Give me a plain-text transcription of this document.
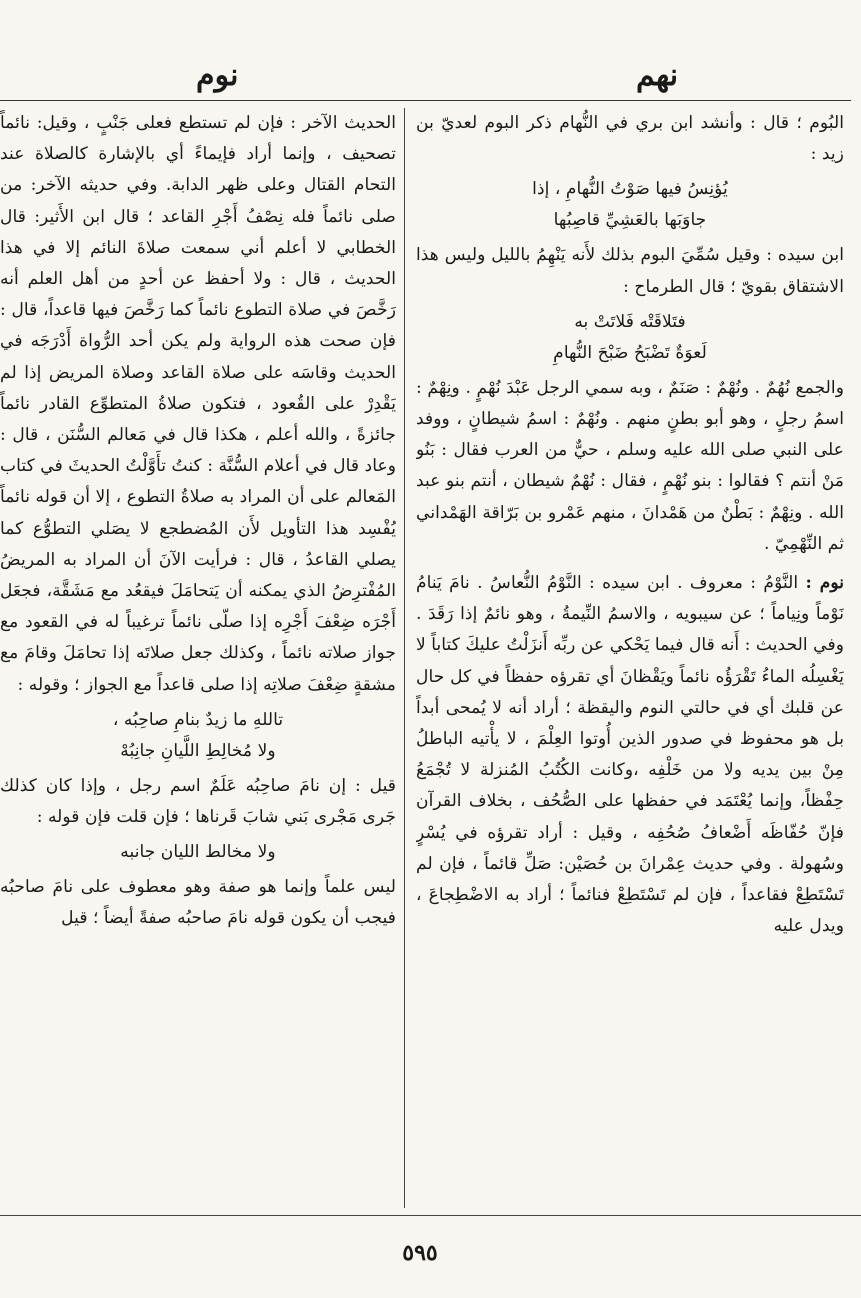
نهم
نوم

البُوم ؛ قال : وأنشد ابن بري في النُّهام ذكر البوم لعديّ بن زيد :

يُؤنِسُ فيها صَوْتُ النُّهامِ ، إذا
جاوَبَها بالعَشِيِّ قاصِبُها

ابن سيده : وقيل سُمِّيَ البوم بذلك لأَنه يَنْهِمُ بالليل وليس هذا الاشتقاق بقويّ ؛ قال الطرماح :

فتَلاقَتْه فَلاتَتْ به
لَعوَةٌ تَضْبَحُ ضَبْحَ النُّهامِ

والجمع نُهُمٌ . ونُهْمٌ : صَنَمٌ ، وبه سمي الرجل عَبْدَ نُهْمٍ . ونِهْمٌ : اسمُ رجلٍ ، وهو أبو بطنٍ منهم . ونُهْمٌ : اسمُ شيطانٍ ، ووفد على النبي صلى الله عليه وسلم ، حيٌّ من العرب فقال : بَنُو مَنْ أنتم ؟ فقالوا : بنو نُهْمٍ ، فقال : نُهْمٌ شيطان ، أنتم بنو عبد الله . ونِهْمٌ : بَطْنٌ من هَمْدانَ ، منهم عَمْرو بن بَرّاقة الهَمْداني ثم النِّهْمِيّ .

نوم : النَّوْمُ : معروف . ابن سيده : النَّوْمُ النُّعاسُ . نامَ يَنامُ نَوْماً ونِياماً ؛ عن سيبويه ، والاسمُ النِّيمةُ ، وهو نائمٌ إذا رَقَدَ . وفي الحديث : أَنه قال فيما يَحْكي عن ربِّه أَنزَلْتُ عليكَ كتاباً لا يَغْسِلُه الماءُ تَقْرَؤُه نائماً ويَقْظانَ أي تقرؤه حفظاً في كل حال عن قلبك أي في حالتي النوم واليقظة ؛ أراد أنه لا يُمحى أبداً بل هو محفوظ في صدور الذين أُوتوا العِلْمَ ، لا يأْتيه الباطلُ مِنْ بين يديه ولا من خَلْفِه ،وكانت الكُتُبُ المُنزلة لا تُجْمَعُ حِفْظاً، وإنما يُعْتَمَد في حفظها على الصُّحُف ، بخلاف القرآن فإنّ حُفّاظَه أَضْعافُ صُحُفِه ، وقيل : أراد تقرؤه في يُسْرٍ وسُهولة . وفي حديث عِمْرانَ بن حُصَيْن: صَلِّ قائماً ، فإن لم تَسْتَطِعْ فقاعداً ، فإن لم تَسْتَطِعْ فنائماً ؛ أراد به الاضْطِجاعَ ، ويدل عليه

الحديث الآخر : فإن لم تستطع فعلى جَنْبٍ ، وقيل: نائماً تصحيف ، وإنما أراد فإيماءً أي بالإشارة كالصلاة عند التحام القتال وعلى ظهر الدابة. وفي حديثه الآخر: من صلى نائماً فله نِصْفُ أَجْرِ القاعد ؛ قال ابن الأَثير: قال الخطابي لا أعلم أني سمعت صلاةَ النائم إلا في هذا الحديث ، قال : ولا أحفظ عن أحدٍ من أهل العلم أنه رَخَّصَ في صلاة التطوع نائماً كما رَخَّصَ فيها قاعداً، قال : فإن صحت هذه الرواية ولم يكن أحد الرُّواة أَدْرَجَه في الحديث وقاسَه على صلاة القاعد وصلاة المريض إذا لم يَقْدِرْ على القُعود ، فتكون صلاةُ المتطوِّع القادر نائماً جائزةً ، والله أعلم ، هكذا قال في مَعالم السُّنَن ، قال : وعاد قال في أعلام السُّنَّة : كنتُ تأَوَّلْتُ الحديثَ في كتاب المَعالم على أن المراد به صلاةُ التطوع ، إلا أن قوله نائماً يُفْسِد هذا التأويل لأَن المُضطجع لا يصَلي التطوُّع كما يصلي القاعدُ ، قال : فرأيت الآنَ أن المراد به المريضُ المُفْترِضُ الذي يمكنه أن يَتحامَلَ فيقعُد مع مَشَقَّة، فجعَل أَجْرَه ضِعْفَ أَجْرِه إذا صلّى نائماً ترغيباً له في القعود مع جواز صلاته نائماً ، وكذلك جعل صلاتَه إذا تحامَلَ وقامَ مع مشقةٍ ضِعْفَ صلاتِه إذا صلى قاعداً مع الجواز ؛ وقوله :

تاللهِ ما زيدٌ بنامِ صاحِبُه ،
ولا مُخالِطِ اللَّيانِ جانِبُهْ

قيل : إن نامَ صاحِبُه عَلَمٌ اسم رجل ، وإذا كان كذلك جَرى مَجْرى بَني شابَ قَرناها ؛ فإن قلت فإن قوله :

ولا مخالط الليان جانبه

ليس علماً وإنما هو صفة وهو معطوف على نامَ صاحبُه فيجب أن يكون قوله نامَ صاحبُه صفةً أيضاً ؛ قيل

٥٩٥
